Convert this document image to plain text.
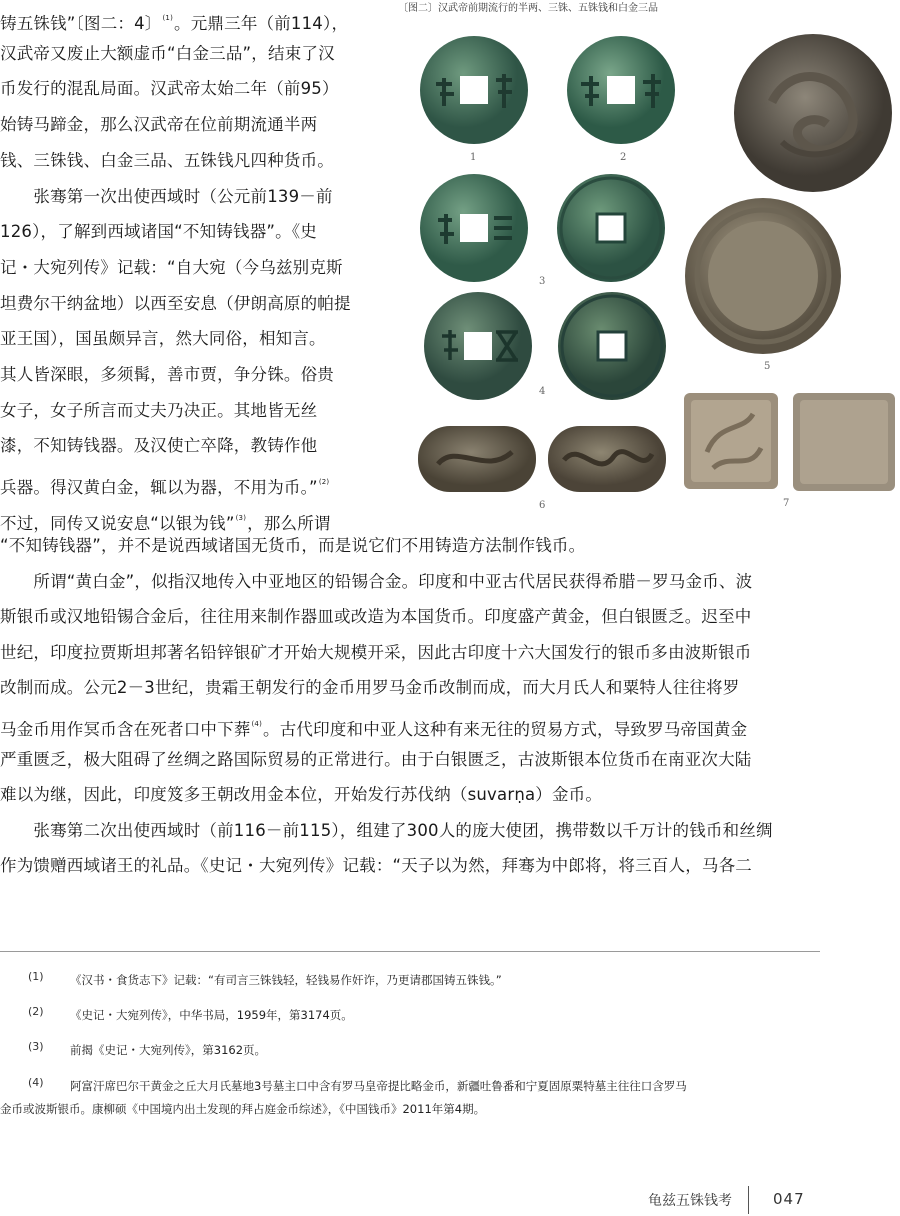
铸五铢钱”〔图二：4〕$^{(1)}$。元鼎三年（前114），
汉武帝又废止大额虚币“白金三品”，结束了汉
币发行的混乱局面。汉武帝太始二年（前95）
始铸马蹄金，那么汉武帝在位前期流通半两
钱、三铢钱、白金三品、五铢钱凡四种货币。
　　张骞第一次出使西域时（公元前139－前
126），了解到西域诸国“不知铸钱器”。《史
记・大宛列传》记载：“自大宛（今乌兹别克斯
坦费尔干纳盆地）以西至安息（伊朗高原的帕提
亚王国），国虽颇异言，然大同俗，相知言。
其人皆深眼，多须髯，善市贾，争分铢。俗贵
女子，女子所言而丈夫乃决正。其地皆无丝
漆，不知铸钱器。及汉使亡卒降，教铸作他
兵器。得汉黄白金，辄以为器，不用为币。”$^{(2)}$
不过，同传又说安息“以银为钱”$^{(3)}$，那么所谓
〔图二〕汉武帝前期流行的半两、三铢、五铢钱和白金三品
1	2
3
4
5
6	7
“不知铸钱器”，并不是说西域诸国无货币，而是说它们不用铸造方法制作钱币。
　　所谓“黄白金”，似指汉地传入中亚地区的铅锡合金。印度和中亚古代居民获得希腊－罗马金币、波
斯银币或汉地铅锡合金后，往往用来制作器皿或改造为本国货币。印度盛产黄金，但白银匮乏。迟至中
世纪，印度拉贾斯坦邦著名铅锌银矿才开始大规模开采，因此古印度十六大国发行的银币多由波斯银币
改制而成。公元2－3世纪，贵霜王朝发行的金币用罗马金币改制而成，而大月氏人和粟特人往往将罗
马金币用作冥币含在死者口中下葬$^{(4)}$。古代印度和中亚人这种有来无往的贸易方式，导致罗马帝国黄金
严重匮乏，极大阻碍了丝绸之路国际贸易的正常进行。由于白银匮乏，古波斯银本位货币在南亚次大陆
难以为继，因此，印度笈多王朝改用金本位，开始发行苏伐纳（suvarṇa）金币。
　　张骞第二次出使西域时（前116－前115），组建了300人的庞大使团，携带数以千万计的钱币和丝绸
作为馈赠西域诸王的礼品。《史记・大宛列传》记载：“天子以为然，拜骞为中郎将，将三百人，马各二
(1) 《汉书・食货志下》记载：“有司言三铢钱轻，轻钱易作奸诈，乃更请郡国铸五铢钱。”
(2) 《史记・大宛列传》，中华书局，1959年，第3174页。
(3) 前揭《史记・大宛列传》，第3162页。
(4) 阿富汗席巴尔干黄金之丘大月氏墓地3号墓主口中含有罗马皇帝提比略金币，新疆吐鲁番和宁夏固原粟特墓主往往口含罗马
金币或波斯银币。康柳硕《中国境内出土发现的拜占庭金币综述》，《中国钱币》2011年第4期。
龟兹五铢钱考	047
